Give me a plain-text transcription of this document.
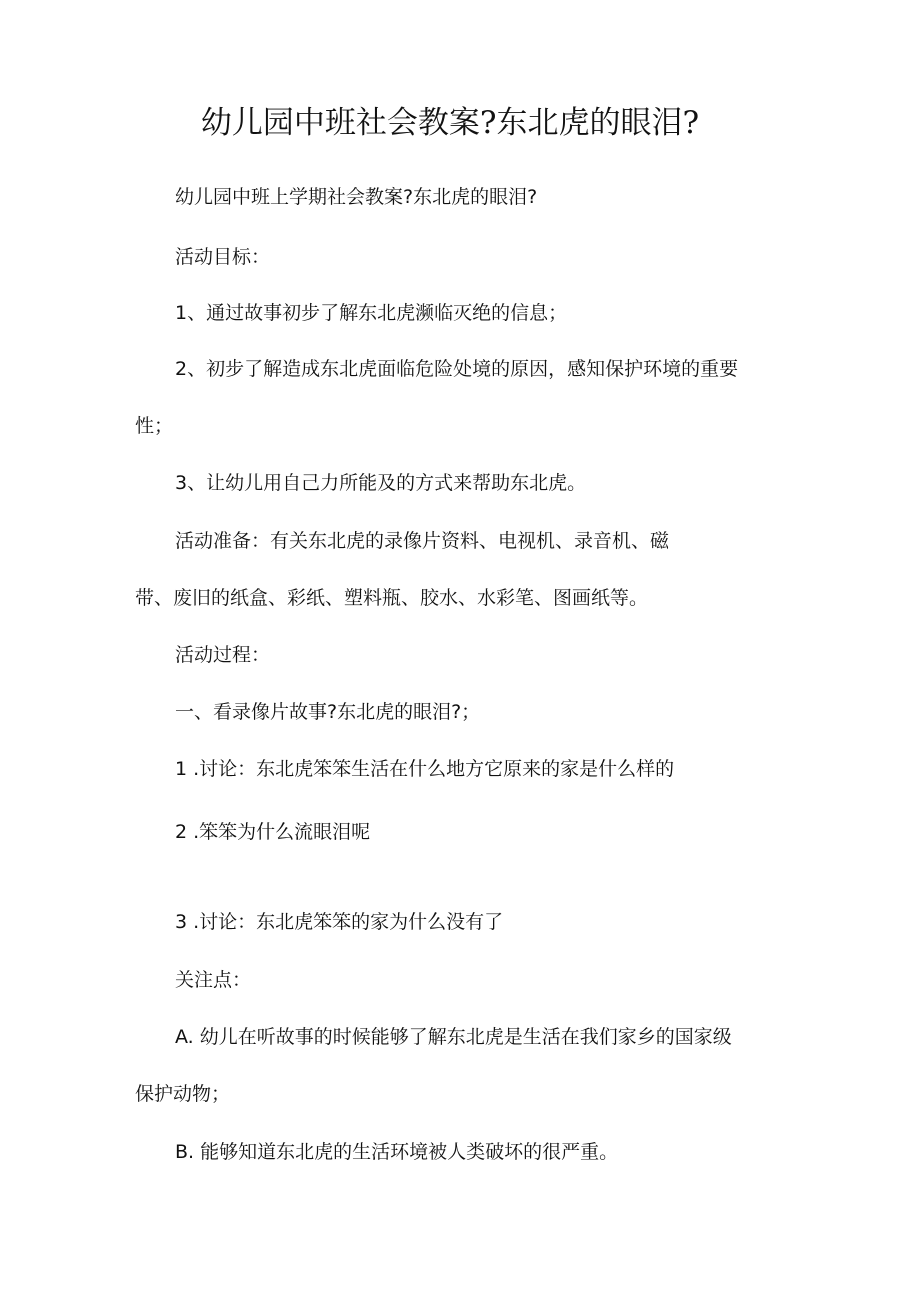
幼儿园中班社会教案?东北虎的眼泪?
幼儿园中班上学期社会教案?东北虎的眼泪?
活动目标：
1、通过故事初步了解东北虎濒临灭绝的信息；
2、初步了解造成东北虎面临危险处境的原因，感知保护环境的重要
性；
3、让幼儿用自己力所能及的方式来帮助东北虎。
活动准备：有关东北虎的录像片资料、电视机、录音机、磁
带、废旧的纸盒、彩纸、塑料瓶、胶水、水彩笔、图画纸等。
活动过程：
一、看录像片故事?东北虎的眼泪?；
1 .讨论：东北虎笨笨生活在什么地方它原来的家是什么样的
2 .笨笨为什么流眼泪呢
3 .讨论：东北虎笨笨的家为什么没有了
关注点：
A. 幼儿在听故事的时候能够了解东北虎是生活在我们家乡的国家级
保护动物；
B. 能够知道东北虎的生活环境被人类破坏的很严重。
